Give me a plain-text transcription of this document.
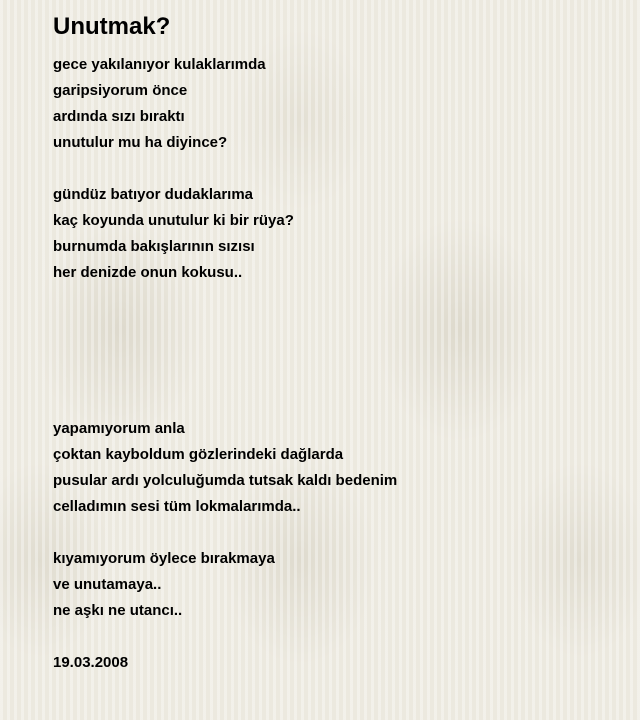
Unutmak?
gece yakılanıyor kulaklarımda
garipsiyorum önce
ardında sızı bıraktı
unutulur mu ha diyince?
gündüz batıyor dudaklarıma
kaç koyunda unutulur ki bir rüya?
burnumda bakışlarının sızısı
her denizde onun kokusu..
yapamıyorum anla
çoktan kayboldum gözlerindeki dağlarda
pusular ardı yolculuğumda tutsak kaldı bedenim
celladımın sesi tüm lokmalarımda..
kıyamıyorum öylece bırakmaya
ve unutamaya..
ne aşkı ne utancı..
19.03.2008
